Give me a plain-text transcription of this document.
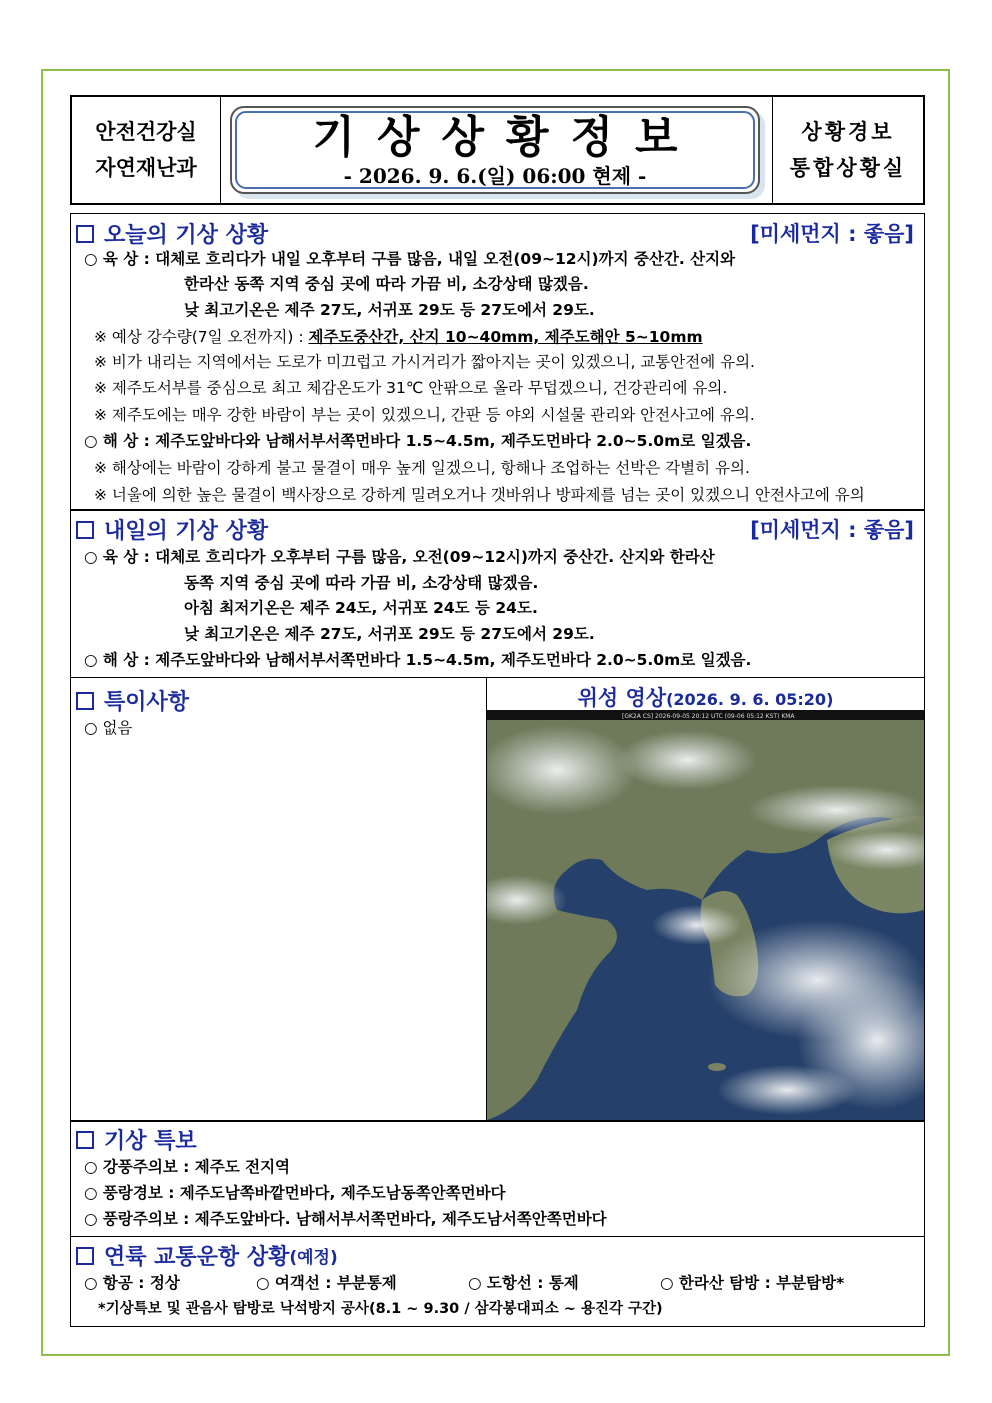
안전건강실
자연재난과
기상상황정보
- 2026. 9. 6.(일) 06:00 현제 -
상황경보
통합상황실
오늘의 기상 상황	[미세먼지 : 좋음]
○ 육 상 : 대체로 흐리다가 내일 오후부터 구름 많음, 내일 오전(09~12시)까지 중산간. 산지와
한라산 동쪽 지역 중심 곳에 따라 가끔 비, 소강상태 많겠음.
낮 최고기온은 제주 27도, 서귀포 29도 등 27도에서 29도.
※ 예상 강수량(7일 오전까지) : 제주도중산간, 산지 10~40mm, 제주도해안 5~10mm
※ 비가 내리는 지역에서는 도로가 미끄럽고 가시거리가 짧아지는 곳이 있겠으니, 교통안전에 유의.
※ 제주도서부를 중심으로 최고 체감온도가 31℃ 안팎으로 올라 무덥겠으니, 건강관리에 유의.
※ 제주도에는 매우 강한 바람이 부는 곳이 있겠으니, 간판 등 야외 시설물 관리와 안전사고에 유의.
○ 해 상 : 제주도앞바다와 남해서부서쪽먼바다 1.5~4.5m, 제주도먼바다 2.0~5.0m로 일겠음.
※ 해상에는 바람이 강하게 불고 물결이 매우 높게 일겠으니, 항해나 조업하는 선박은 각별히 유의.
※ 너울에 의한 높은 물결이 백사장으로 강하게 밀려오거나 갯바위나 방파제를 넘는 곳이 있겠으니 안전사고에 유의
내일의 기상 상황	[미세먼지 : 좋음]
○ 육 상 : 대체로 흐리다가 오후부터 구름 많음, 오전(09~12시)까지 중산간. 산지와 한라산
동쪽 지역 중심 곳에 따라 가끔 비, 소강상태 많겠음.
아침 최저기온은 제주 24도, 서귀포 24도 등 24도.
낮 최고기온은 제주 27도, 서귀포 29도 등 27도에서 29도.
○ 해 상 : 제주도앞바다와 남해서부서쪽먼바다 1.5~4.5m, 제주도먼바다 2.0~5.0m로 일겠음.
특이사항
○ 없음
위성 영상(2026. 9. 6. 05:20)
[GK2A CS] 2026-09-05 20:12 UTC (09-06 05:12 KST) KMA
기상 특보
○ 강풍주의보 : 제주도 전지역
○ 풍랑경보 : 제주도남쪽바깥먼바다, 제주도남동쪽안쪽먼바다
○ 풍랑주의보 : 제주도앞바다. 남해서부서쪽먼바다, 제주도남서쪽안쪽먼바다
연륙 교통운항 상황 (예정)
○ 항공 : 정상	○ 여객선 : 부분통제	○ 도항선 : 통제	○ 한라산 탐방 : 부분탐방*
*기상특보 및 관음사 탐방로 낙석방지 공사(8.1 ~ 9.30 / 삼각봉대피소 ~ 용진각 구간)
